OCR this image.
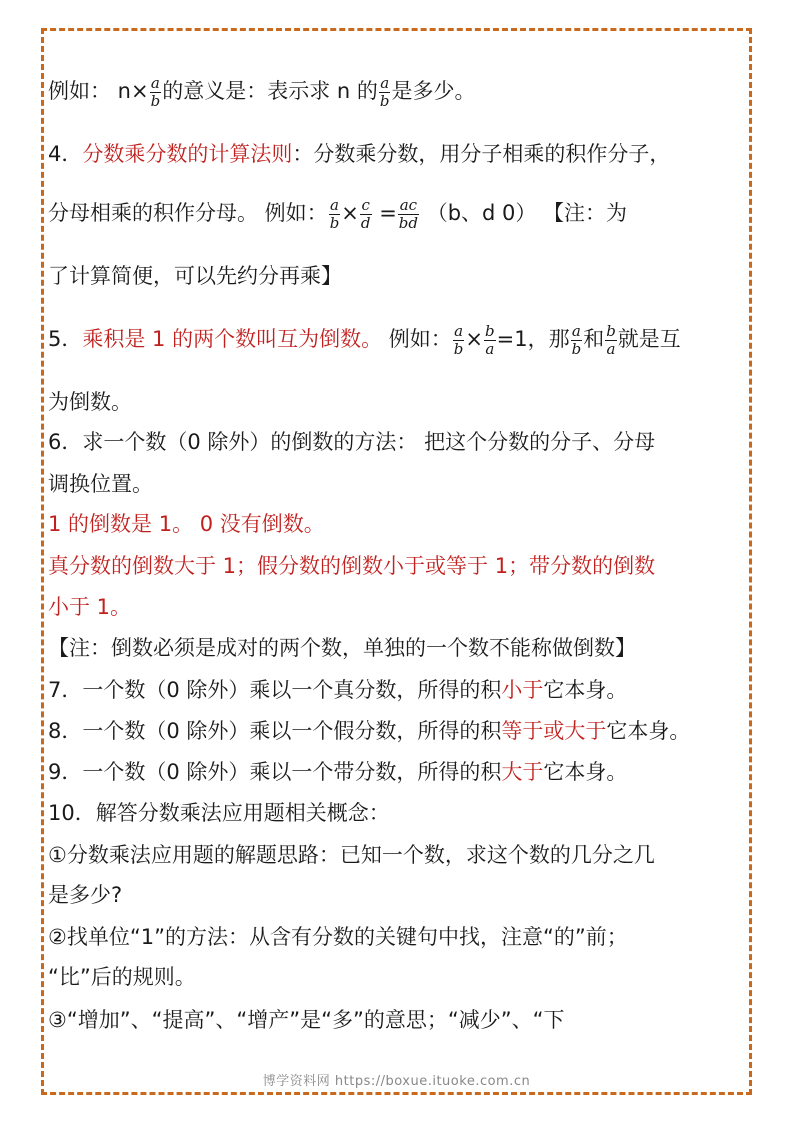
例如： $n\times \frac{a}{b}$ 的意义是：表示求 n 的 $\frac{a}{b}$ 是多少。
4．分数乘分数的计算法则：分数乘分数，用分子相乘的积作分子，
分母相乘的积作分母。 例如： $\frac{a}{b} \times \frac{c}{d} = \frac{ac}{bd} (b$、d 0） 【注：为
了计算简便，可以先约分再乘】
5．乘积是 1 的两个数叫互为倒数。 例如： $\frac{a}{b} \times \frac{b}{a} =1$，那 $\frac{a}{b}$ 和 $\frac{b}{a}$ 就是互
为倒数。
6．求一个数（0 除外）的倒数的方法： 把这个分数的分子、分母
调换位置。
1 的倒数是 1。 0 没有倒数。
真分数的倒数大于 1；假分数的倒数小于或等于 1；带分数的倒数
小于 1。
【注：倒数必须是成对的两个数，单独的一个数不能称做倒数】
7．一个数（0 除外）乘以一个真分数，所得的积小于它本身。
8．一个数（0 除外）乘以一个假分数，所得的积等于或大于它本身。
9．一个数（0 除外）乘以一个带分数，所得的积大于它本身。
10．解答分数乘法应用题相关概念：
①分数乘法应用题的解题思路：已知一个数，求这个数的几分之几
是多少?
②找单位“1”的方法：从含有分数的关键句中找，注意“的”前；
“比”后的规则。
③“增加”、“提高”、“增产”是“多”的意思；“减少”、“下
博学资料网 https://boxue.ituoke.com.cn
